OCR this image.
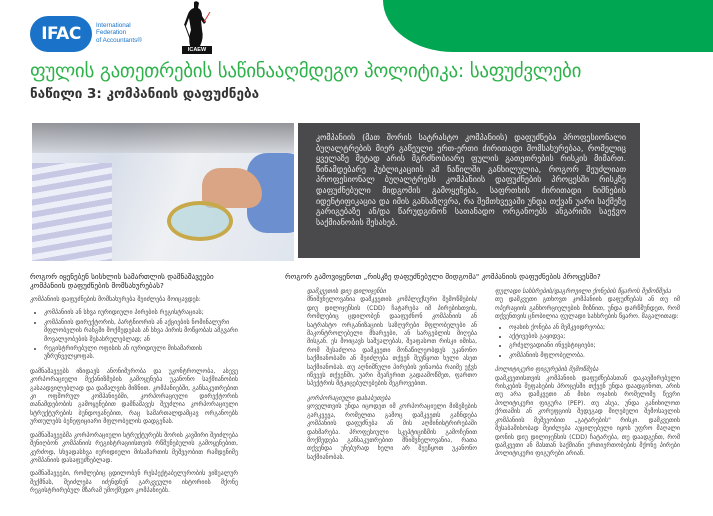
IFAC	International
Federation
of Accountants®
ICAEW
ფულის გათეთრების საწინააღმდეგო პოლიტიკა: საფუძვლები
ნაწილი 3: კომპანიის დაფუძნება
კომპანიის (მათ შორის სატრასტო კომპანიის) დაფუძნება პროფესიონალი ბუღალტრების მიერ გაწეული ერთ-ერთი ძირითადი მომსახურებაა, რომელიც ყველაზე მეტად არის მგრძნობიარე ფულის გათეთრების რისკის მიმართ. წინამდებარე პუბლიკაციის ამ ნაწილში განხილულია, როგორ შეუძლიათ პროფესიონალ ბუღალტრებს კომპანიის დაფუძნების პროცესში რისკზე დაფუძნებული მიდგომის გამოყენება, საფრთხის ძირითადი ნიშნების იდენტიფიკაცია და იმის განსაზღვრა, რა შემთხვევაში უნდა თქვან უარი საქმეზე გარიგებაზე ან/და წარუდგინონ სათანადო ორგანოებს ანგარიში საეჭვო საქმიანობის შესახებ.
როგორ იყენებენ სისხლის სამართლის დამნაშავეები კომპანიის დაფუძნების მომსახურებას?

კომპანიის დაფუძნების მომსახურება შეიძლება მოიცავდეს:

• კომპანიის ან სხვა იურიდიული პირების რეგისტრაციას;
• კომპანიის დირექტორის, პარტნიორის ან აქციების ნომინალური მფლობელის რანგში მოქმედებას ან სხვა პირის მოწყობას ამგვარი მოვალეობების შესასრულებლად; ან
• რეგისტრირებული ოფისის ან იურიდიული მისამართის უზრუნველყოფას.

დამნაშავეებს იზიდავს ანონიმურობა და უკონტროლობა, ასევე კორპორაციული მექანიზმების გამოყენება უკანონო საქმიანობის გასაადვილებლად და დამალვის მიზნით. კომპანიებში, განსაკუთრებით კი ოფშორულ კომპანიებში, კორპორაციული დირექტორის თანამდებობის გამოყენებით დამნაშავეს შეუძლია კორპორაციული სტრუქტურების ბუნდოვანებით, რაც სამართალდამცავ ორგანოებს ურთულებს ბენეფიციარი მფლობელის დადგენას.

დამნაშავეებმა კორპორაციული სტრუქტურებს შორის კავშირი შეიძლება შენიღბონ კომპანიის რეგისტრაციისთვის რწმუნებულის გამოყენებით, კერძოდ, სხვადასხვა იურიდიული მისამართის მეშვეობით რამდენიმე კომპანიის დასაფუძნებლად.

დამნაშავეები, რომლებიც ცდილობენ რესპექტაბელურობის ვიზუალურ შექმნას, შეიძლება იძენდნენ გარკვეული ისტორიის მქონე რეგისტრირებულ მზარამ უმოქმედო კომპანიებს.

როგორ გამოვიყენოთ „რისკზე დაფუძნებული მიდგომა" კომპანიის დაფუძნების პროცესში?

დამკვეთის დიუ დილიჯენსი

მნიშვნელოვანია დამკვეთის კომპლექსური შემოწმების/დიუ დილიჯენსის (CDD) ჩატარება იმ პირებისთვის, რომლებიც ცდილობენ დააფუძნონ კომპანიის ან სატრასტო ორგანიზაციის საზღვრები მფლობელები ან მაკონტროლებელი მხარეები, ან სარგებლის მიღება მისგან. ეს მოიცავს საშუალებას, შეაფასოთ რისკი იმისა, რომ შესაძლოა დამკვეთი მონაწილეობდეს უკანონო საქმიანობაში ან შეიძლება თქვენ შეუწყოთ ხელი ასეთ საქმიანობას. თუ აღნიშნული პირების ვინაობა რაიმე ეჭვს იწვევს თქვენში, უარი შეაჩერით გადაამოწმეთ, ფართო სპექტრის მტკიცებულებების შეგროვებით.

კორპორაციული დასაბუთება

ყოველთვის უნდა იცოდეთ იმ კორპორაციული მიზეზების გარკვევა, რომელთა გამოც დამკვეთს გაჩნდება კომპანიის დაფუძნება ან მის აღმინისტრირებაში დახმარება. პროფესიული სკეპტიციზმის გამოჩენით მოქმედება განსაკუთრებით მნიშვნელოვანია, რათა თქვენდა უნებურად ხელი არ შეუწყოთ უკანონო საქმიანობას.

ფულადი სახსრების/დაგროვილი ქონების წყაროს შემოწმება

თუ დამკვეთი გთხოვთ კომპანიის დაფუძნებას ან თუ იმ ოპერაციის განხორციელების მიზნით, უნდა დარწმუნდეთ, რომ თქვენთვის ცნობილია ფულადი სახსრების წყარო. მაგალითად:

• ოჯახის ქონება ან მემკვიდრეობა;
• აქტივების გაყიდვა;
• გრძელვადიანი ინვესტიციები;
• კომპანიის მფლობელობა.

პოლიტიკური ფიგურების შემოწმება

დამკვეთისთვის კომპანიის დაფუძნებასთან დაკავშირებული რისკების შეფასების პროცესში თქვენ უნდა დაადგინოთ, არის თუ არა დამკვეთი ან მისი ოჯახის რომელიმე წევრი პოლიტიკური ფიგურა (PEP). თუ ასეა, უნდა განიხილოთ ქრთამის ან კორუფციის შედეგად მიღებული შემოსავლის კომპანიის მეშვეობით „გატარების" რისკი. დამკვეთის შესაბამისობად შეიძლება აუცილებელი იყოს უფრო მაღალი დონის დიუ დილიჯენსის (CDD) ჩატარება, თუ დაადგენთ, რომ დამკვეთი ან მასთან საქმიანი ურთიერთობების მქონე პირები პოლიტიკური ფიგურები არიან.
